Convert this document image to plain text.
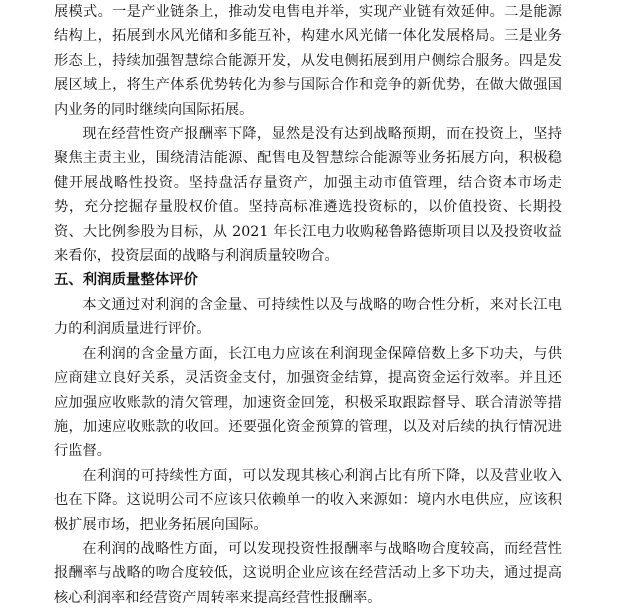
展模式。一是产业链条上，推动发电售电并举，实现产业链有效延伸。二是能源结构上，拓展到水风光储和多能互补，构建水风光储一体化发展格局。三是业务形态上，持续加强智慧综合能源开发，从发电侧拓展到用户侧综合服务。四是发展区域上，将生产体系优势转化为参与国际合作和竞争的新优势，在做大做强国内业务的同时继续向国际拓展。

现在经营性资产报酬率下降，显然是没有达到战略预期，而在投资上，坚持聚焦主责主业，围绕清洁能源、配售电及智慧综合能源等业务拓展方向，积极稳健开展战略性投资。坚持盘活存量资产，加强主动市值管理，结合资本市场走势，充分挖掘存量股权价值。坚持高标准遴选投资标的，以价值投资、长期投资、大比例参股为目标，从 2021 年长江电力收购秘鲁路德斯项目以及投资收益来看你，投资层面的战略与利润质量较吻合。

五、利润质量整体评价

本文通过对利润的含金量、可持续性以及与战略的吻合性分析，来对长江电力的利润质量进行评价。

在利润的含金量方面，长江电力应该在利润现金保障倍数上多下功夫，与供应商建立良好关系，灵活资金支付，加强资金结算，提高资金运行效率。并且还应加强应收账款的清欠管理，加速资金回笼，积极采取跟踪督导、联合清淤等措施，加速应收账款的收回。还要强化资金预算的管理，以及对后续的执行情况进行监督。

在利润的可持续性方面，可以发现其核心利润占比有所下降，以及营业收入也在下降。这说明公司不应该只依赖单一的收入来源如：境内水电供应，应该积极扩展市场，把业务拓展向国际。

在利润的战略性方面，可以发现投资性报酬率与战略吻合度较高，而经营性报酬率与战略的吻合度较低，这说明企业应该在经营活动上多下功夫，通过提高核心利润率和经营资产周转率来提高经营性报酬率。
